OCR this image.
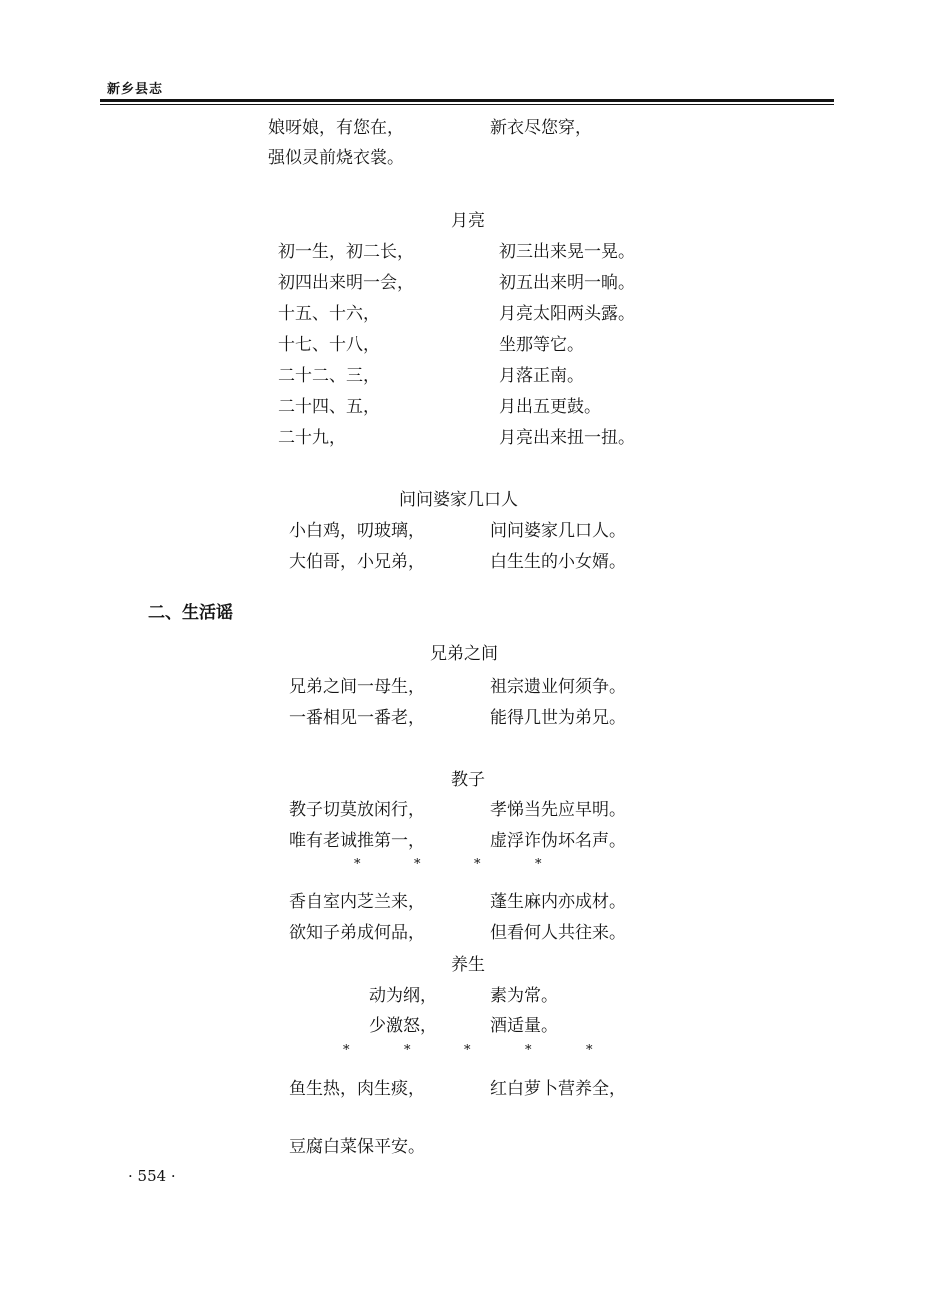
新乡县志
娘呀娘，有您在，	新衣尽您穿，
强似灵前烧衣裳。
月亮
初一生，初二长，	初三出来晃一晃。
初四出来明一会，	初五出来明一晌。
十五、十六，	月亮太阳两头露。
十七、十八，	坐那等它。
二十二、三，	月落正南。
二十四、五，	月出五更鼓。
二十九，	月亮出来扭一扭。
问问婆家几口人
小白鸡，叨玻璃，	问问婆家几口人。
大伯哥，小兄弟，	白生生的小女婿。
二、生活谣
兄弟之间
兄弟之间一母生，	祖宗遗业何须争。
一番相见一番老，	能得几世为弟兄。
教子
教子切莫放闲行，	孝悌当先应早明。
唯有老诚推第一，	虚浮诈伪坏名声。
*	*	*	*
香自室内芝兰来，	蓬生麻内亦成材。
欲知子弟成何品，	但看何人共往来。
养生
动为纲，	素为常。
少激怒，	酒适量。
*	*	*	*	*
鱼生热，肉生痰，	红白萝卜营养全，
豆腐白菜保平安。
· 554 ·
